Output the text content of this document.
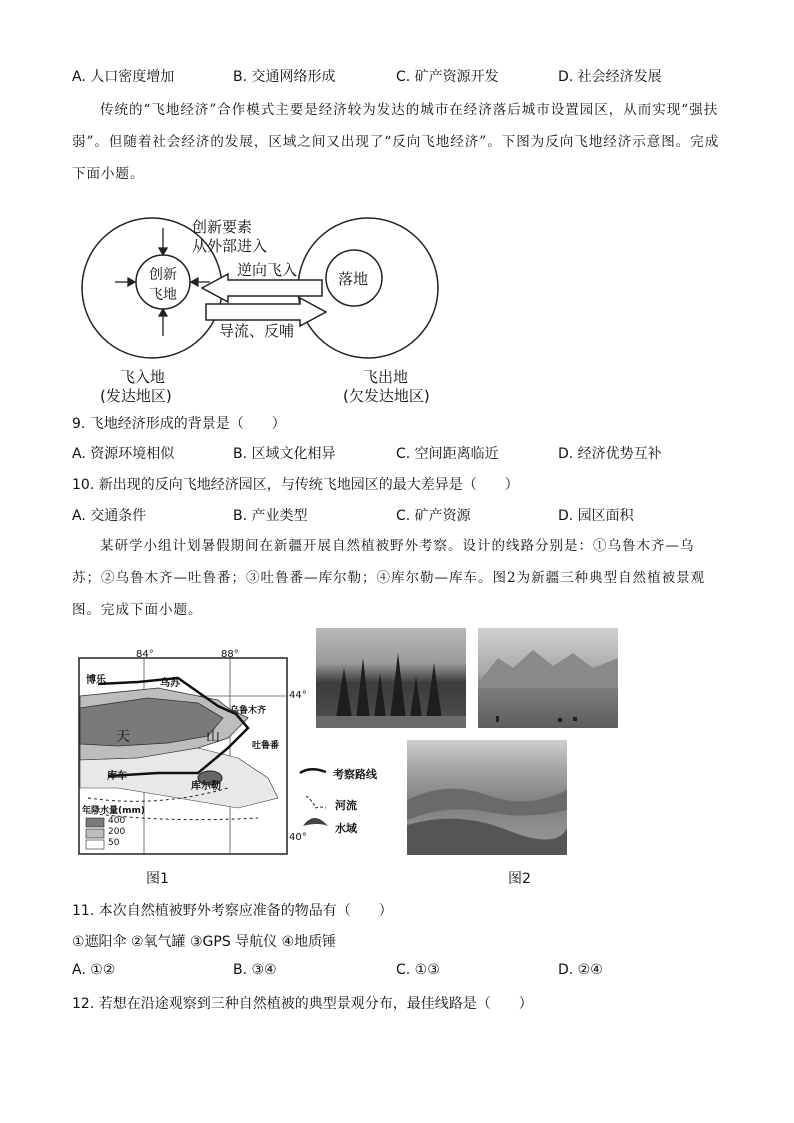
A. 人口密度增加	B. 交通网络形成	C. 矿产资源开发	D. 社会经济发展
传统的“飞地经济”合作模式主要是经济较为发达的城市在经济落后城市设置园区，从而实现“强扶弱”。但随着社会经济的发展，区域之间又出现了“反向飞地经济”。下图为反向飞地经济示意图。完成下面小题。
创新要素
从外部进入
创新
飞地
逆向飞入
导流、反哺
落地
飞入地
(发达地区)
飞出地
(欠发达地区)
9. 飞地经济形成的背景是（　　）
A. 资源环境相似	B. 区域文化相异	C. 空间距离临近	D. 经济优势互补
10. 新出现的反向飞地经济园区，与传统飞地园区的最大差异是（　　）
A. 交通条件	B. 产业类型	C. 矿产资源	D. 园区面积
某研学小组计划暑假期间在新疆开展自然植被野外考察。设计的线路分别是：①乌鲁木齐—乌苏；②乌鲁木齐—吐鲁番；③吐鲁番—库尔勒；④库尔勒—库车。图2为新疆三种典型自然植被景观图。完成下面小题。
84°	88°
44°
40°
博乐	乌苏
乌鲁木齐
吐鲁番
库车
库尔勒
天	山
年降水量(mm)
400
200
50
考察路线
河流
水域
图1	图2
11. 本次自然植被野外考察应准备的物品有（　　）
①遮阳伞 ②氧气罐 ③GPS 导航仪 ④地质锤
A. ①②	B. ③④	C. ①③	D. ②④
12. 若想在沿途观察到三种自然植被的典型景观分布，最佳线路是（　　）
